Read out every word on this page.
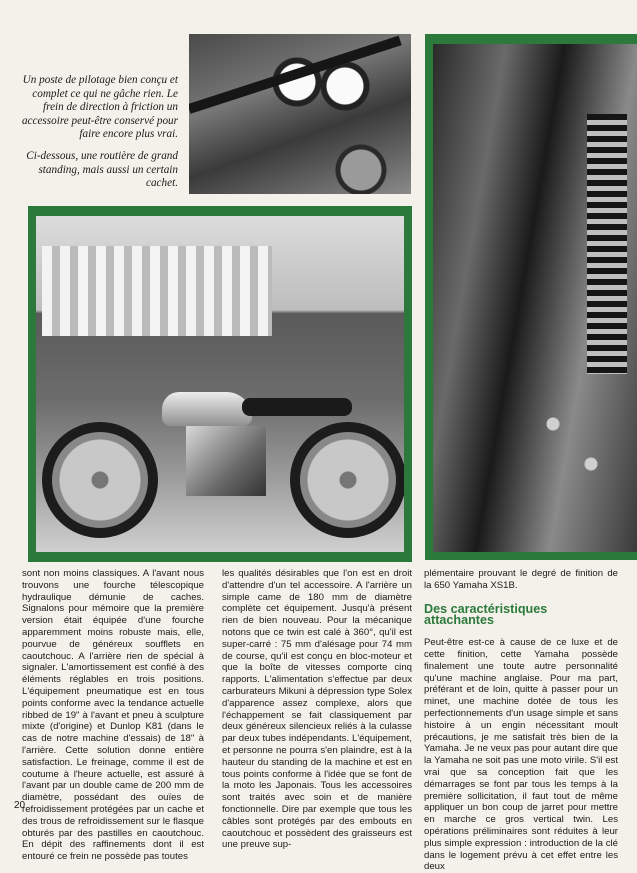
Un poste de pilotage bien conçu et complet ce qui ne gâche rien. Le frein de direction à friction un accessoire peut-être conservé pour faire encore plus vrai.

Ci-dessous, une routière de grand standing, mais aussi un certain cachet.

sont non moins classiques. A l'avant nous trouvons une fourche télescopique hydraulique démunie de caches. Signalons pour mémoire que la première version était équipée d'une fourche apparemment moins robuste mais, elle, pourvue de généreux soufflets en caoutchouc. A l'arrière rien de spécial à signaler. L'amortissement est confié à des éléments réglables en trois positions. L'équipement pneumatique est en tous points conforme avec la tendance actuelle ribbed de 19" à l'avant et pneu à sculpture mixte (d'origine) et Dunlop K81 (dans le cas de notre machine d'essais) de 18" à l'arrière. Cette solution donne entière satisfaction. Le freinage, comme il est de coutume à l'heure actuelle, est assuré à l'avant par un double came de 200 mm de diamètre, possédant des ouïes de refroidissement protégées par un cache et des trous de refroidissement sur le flasque obturés par des pastilles en caoutchouc. En dépit des raffinements dont il est entouré ce frein ne possède pas toutes

les qualités désirables que l'on est en droit d'attendre d'un tel accessoire. A l'arrière un simple came de 180 mm de diamètre complète cet équipement. Jusqu'à présent rien de bien nouveau. Pour la mécanique notons que ce twin est calé à 360°, qu'il est super-carré : 75 mm d'alésage pour 74 mm de course, qu'il est conçu en bloc-moteur et que la boîte de vitesses comporte cinq rapports. L'alimentation s'effectue par deux carburateurs Mikuni à dépression type Solex d'apparence assez complexe, alors que l'échappement se fait classiquement par deux généreux silencieux reliés à la culasse par deux tubes indépendants. L'équipement, et personne ne pourra s'en plaindre, est à la hauteur du standing de la machine et est en tous points conforme à l'idée que se font de la moto les Japonais. Tous les accessoires sont traités avec soin et de manière fonctionnelle. Dire par exemple que tous les câbles sont protégés par des embouts en caoutchouc et possèdent des graisseurs est une preuve sup-

plémentaire prouvant le degré de finition de la 650 Yamaha XS1B.

Des caractéristiques attachantes

Peut-être est-ce à cause de ce luxe et de cette finition, cette Yamaha possède finalement une toute autre personnalité qu'une machine anglaise. Pour ma part, préférant et de loin, quitte à passer pour un minet, une machine dotée de tous les perfectionnements d'un usage simple et sans histoire à un engin nécessitant moult précautions, je me satisfait très bien de la Yamaha. Je ne veux pas pour autant dire que la Yamaha ne soit pas une moto virile. S'il est vrai que sa conception fait que les démarrages se font par tous les temps à la première sollicitation, il faut tout de même appliquer un bon coup de jarret pour mettre en marche ce gros vertical twin. Les opérations préliminaires sont réduites à leur plus simple expression : introduction de la clé dans le logement prévu à cet effet entre les deux

20
